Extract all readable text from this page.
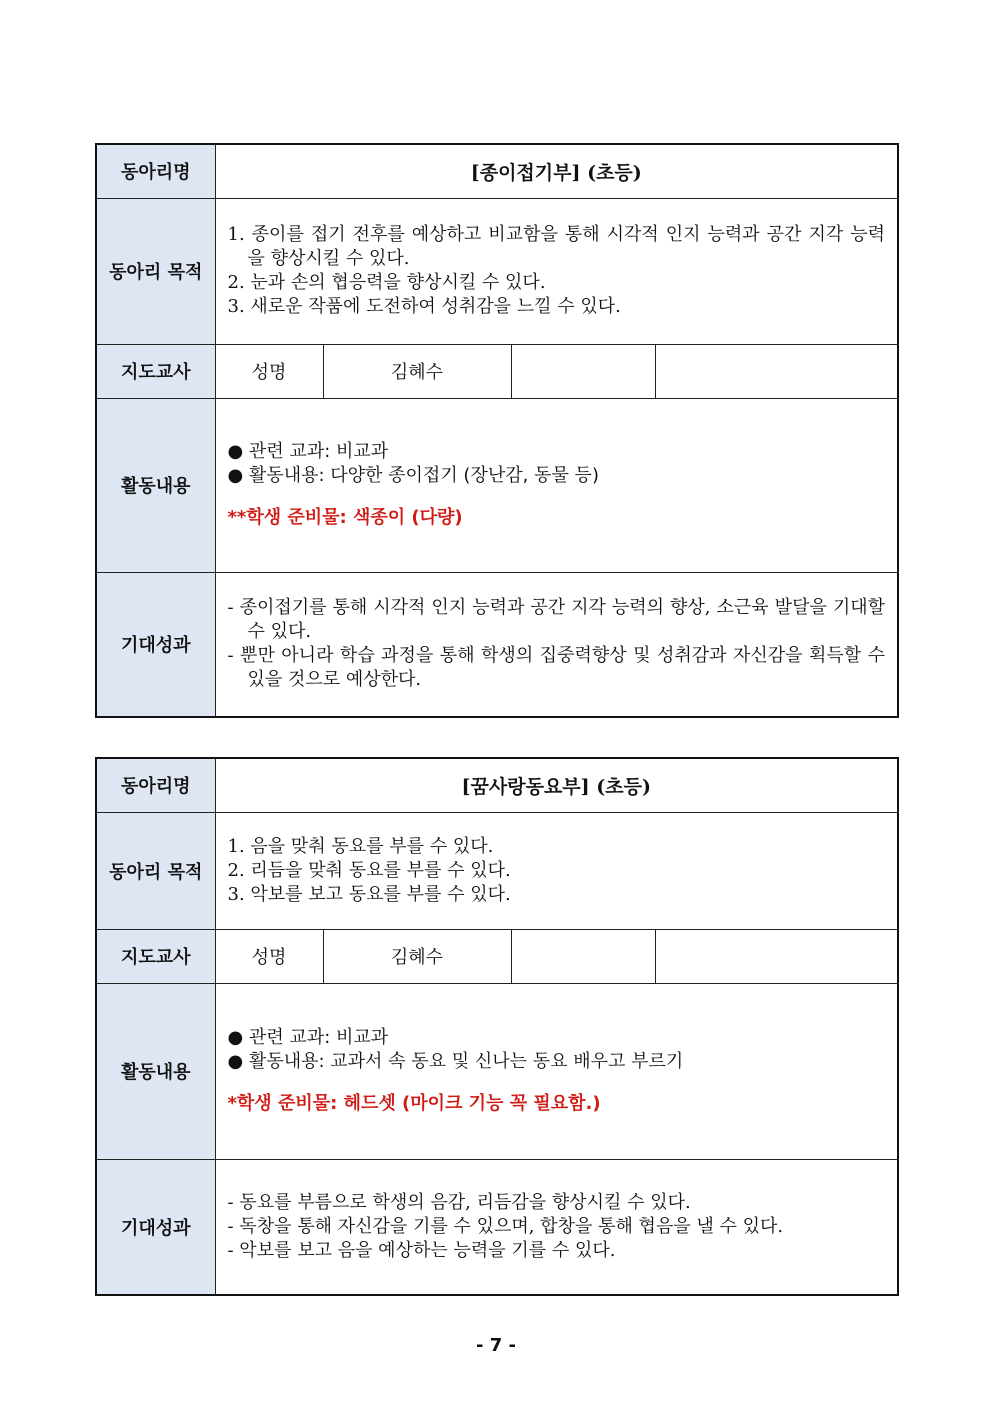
동아리명	[종이접기부] (초등)			
동아리 목적	1. 종이를 접기 전후를 예상하고 비교함을 통해 시각적 인지 능력과 공간 지각 능력을 향상시킬 수 있다.
2. 눈과 손의 협응력을 향상시킬 수 있다.
3. 새로운 작품에 도전하여 성취감을 느낄 수 있다.			

지도교사	성명	김혜수		
활동내용	● 관련 교과: 비교과
● 활동내용: 다양한 종이접기 (장난감, 동물 등)
**학생 준비물: 색종이 (다량)			

기대성과	- 종이접기를 통해 시각적 인지 능력과 공간 지각 능력의 향상, 소근육 발달을 기대할 수 있다.
- 뿐만 아니라 학습 과정을 통해 학생의 집중력향상 및 성취감과 자신감을 획득할 수 있을 것으로 예상한다.			
동아리명	[꿈사랑동요부] (초등)			
동아리 목적	1. 음을 맞춰 동요를 부를 수 있다.
2. 리듬을 맞춰 동요를 부를 수 있다.
3. 악보를 보고 동요를 부를 수 있다.			

지도교사	성명	김혜수		
활동내용	● 관련 교과: 비교과
● 활동내용: 교과서 속 동요 및 신나는 동요 배우고 부르기
*학생 준비물: 헤드셋 (마이크 기능 꼭 필요함.)			

기대성과	- 동요를 부름으로 학생의 음감, 리듬감을 향상시킬 수 있다.
- 독창을 통해 자신감을 기를 수 있으며, 합창을 통해 협음을 낼 수 있다.
- 악보를 보고 음을 예상하는 능력을 기를 수 있다.			
- 7 -
